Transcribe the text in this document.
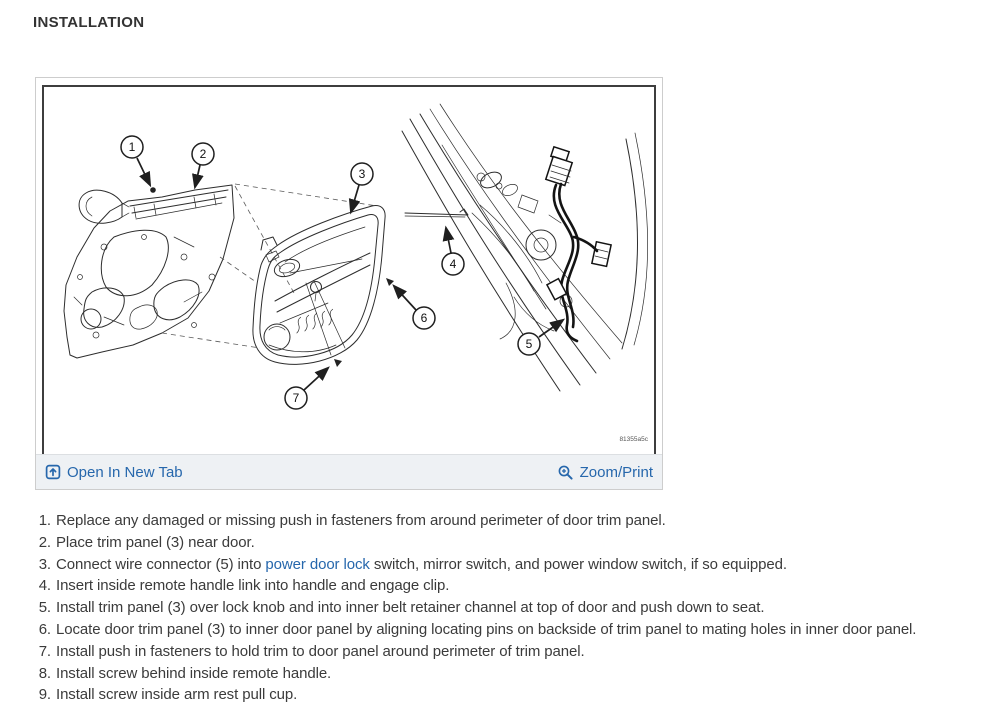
INSTALLATION
1	2
3
4
5
6
7
81355a5c
Open In New Tab	Zoom/Print
1. Replace any damaged or missing push in fasteners from around perimeter of door trim panel.
2. Place trim panel (3) near door.
3. Connect wire connector (5) into power door lock switch, mirror switch, and power window switch, if so equipped.
4. Insert inside remote handle link into handle and engage clip.
5. Install trim panel (3) over lock knob and into inner belt retainer channel at top of door and push down to seat.
6. Locate door trim panel (3) to inner door panel by aligning locating pins on backside of trim panel to mating holes in inner door panel.
7. Install push in fasteners to hold trim to door panel around perimeter of trim panel.
8. Install screw behind inside remote handle.
9. Install screw inside arm rest pull cup.
